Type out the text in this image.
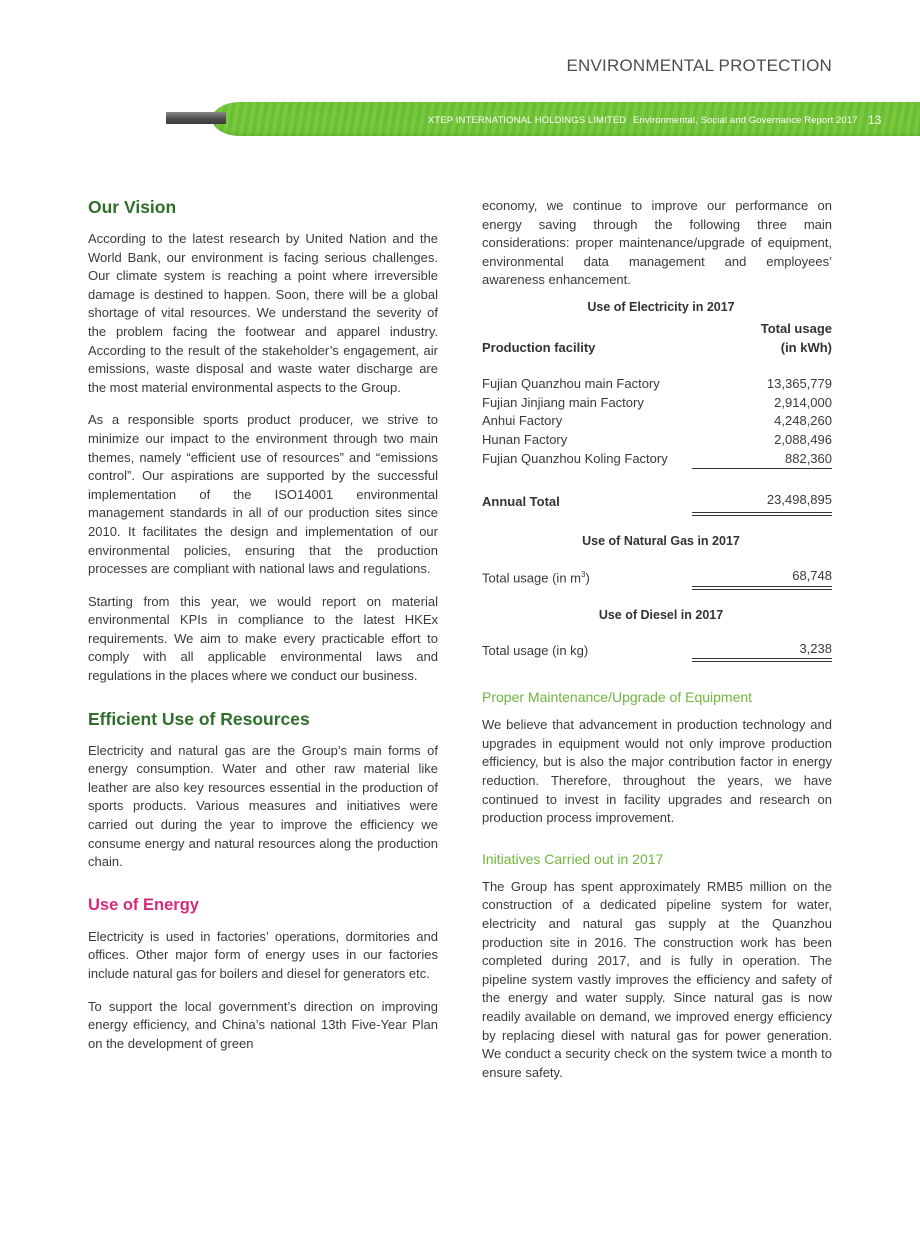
ENVIRONMENTAL PROTECTION
XTEP INTERNATIONAL HOLDINGS LIMITED Environmental, Social and Governance Report 2017 13
Our Vision

According to the latest research by United Nation and the World Bank, our environment is facing serious challenges. Our climate system is reaching a point where irreversible damage is destined to happen. Soon, there will be a global shortage of vital resources. We understand the severity of the problem facing the footwear and apparel industry. According to the result of the stakeholder’s engagement, air emissions, waste disposal and waste water discharge are the most material environmental aspects to the Group.

As a responsible sports product producer, we strive to minimize our impact to the environment through two main themes, namely “efficient use of resources” and “emissions control”. Our aspirations are supported by the successful implementation of the ISO14001 environmental management standards in all of our production sites since 2010. It facilitates the design and implementation of our environmental policies, ensuring that the production processes are compliant with national laws and regulations.

Starting from this year, we would report on material environmental KPIs in compliance to the latest HKEx requirements. We aim to make every practicable effort to comply with all applicable environmental laws and regulations in the places where we conduct our business.

Efficient Use of Resources

Electricity and natural gas are the Group’s main forms of energy consumption. Water and other raw material like leather are also key resources essential in the production of sports products. Various measures and initiatives were carried out during the year to improve the efficiency we consume energy and natural resources along the production chain.

Use of Energy

Electricity is used in factories’ operations, dormitories and offices. Other major form of energy uses in our factories include natural gas for boilers and diesel for generators etc.

To support the local government’s direction on improving energy efficiency, and China’s national 13th Five-Year Plan on the development of green

economy, we continue to improve our performance on energy saving through the following three main considerations: proper maintenance/upgrade of equipment, environmental data management and employees’ awareness enhancement.

Use of Electricity in 2017
Production facility	Total usage
(in kWh)
Fujian Quanzhou main Factory	13,365,779
Fujian Jinjiang main Factory	2,914,000
Anhui Factory	4,248,260
Hunan Factory	2,088,496
Fujian Quanzhou Koling Factory	882,360
Annual Total	23,498,895
Use of Natural Gas in 2017
Total usage (in $m^3$)	68,748
Use of Diesel in 2017
Total usage (in kg)	3,238
Proper Maintenance/Upgrade of Equipment

We believe that advancement in production technology and upgrades in equipment would not only improve production efficiency, but is also the major contribution factor in energy reduction. Therefore, throughout the years, we have continued to invest in facility upgrades and research on production process improvement.

Initiatives Carried out in 2017

The Group has spent approximately RMB5 million on the construction of a dedicated pipeline system for water, electricity and natural gas supply at the Quanzhou production site in 2016. The construction work has been completed during 2017, and is fully in operation. The pipeline system vastly improves the efficiency and safety of the energy and water supply. Since natural gas is now readily available on demand, we improved energy efficiency by replacing diesel with natural gas for power generation. We conduct a security check on the system twice a month to ensure safety.
